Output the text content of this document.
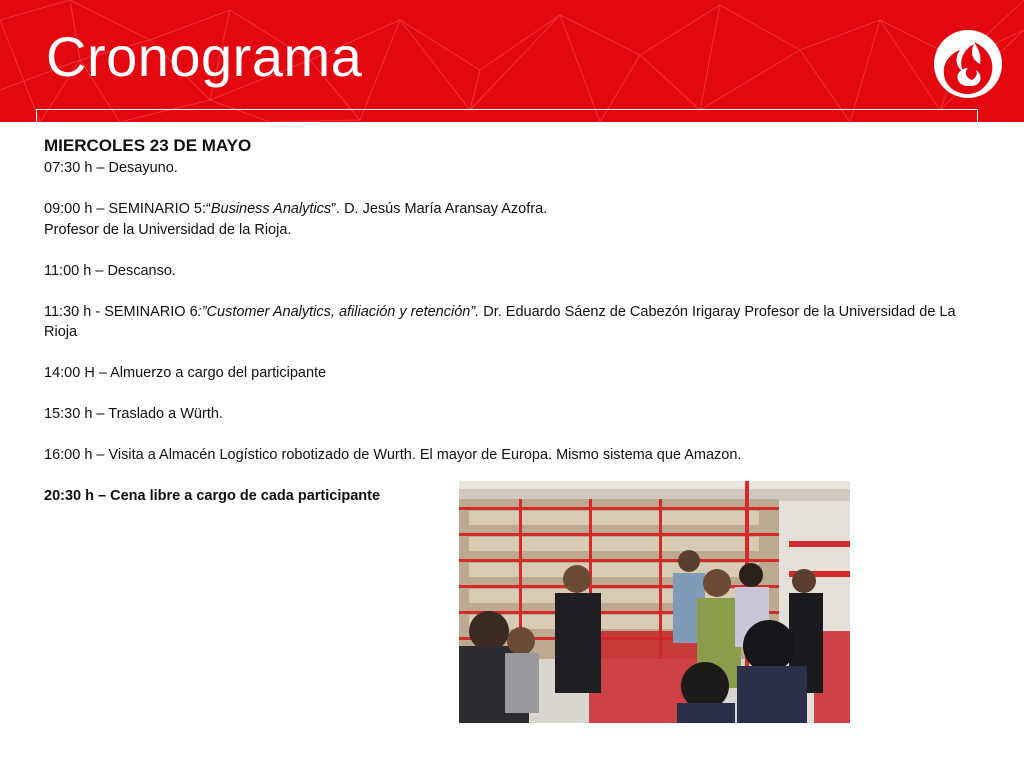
Cronograma

MIERCOLES 23 DE MAYO

07:30 h – Desayuno.

09:00 h – SEMINARIO 5:“Business Analytics”. D. Jesús María Aransay Azofra.

Profesor de la Universidad de la Rioja.

11:00 h – Descanso.

11:30 h - SEMINARIO 6:”Customer Analytics, afiliación y retención”. Dr. Eduardo Sáenz de Cabezón Irigaray Profesor de la Universidad de La Rioja

14:00 H – Almuerzo a cargo del participante

15:30 h – Traslado a Würth.

16:00 h – Visita a Almacén Logístico robotizado de Wurth. El mayor de Europa. Mismo sistema que Amazon.

20:30 h – Cena libre a cargo de cada participante
